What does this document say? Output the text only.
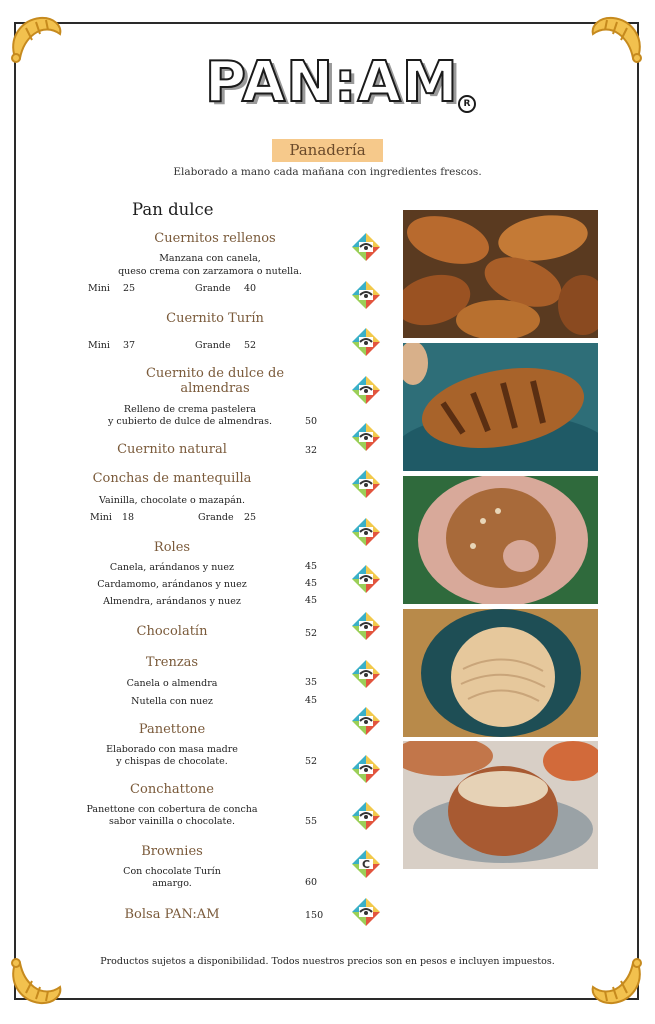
PAN:AM R
Panadería
Elaborado a mano cada mañana con ingredientes frescos.
Pan dulce
Cuernitos rellenos
Manzana con canela,
queso crema con zarzamora o nutella.
Mini 25	Grande 40
Cuernito Turín
Mini 37	Grande 52
Cuernito de dulce de
almendras
Relleno de crema pastelera
y cubierto de dulce de almendras.	50
Cuernito natural	32
Conchas de mantequilla
Vainilla, chocolate o mazapán.
Mini 18	Grande 25
Roles
Canela, arándanos y nuez	45
Cardamomo, arándanos y nuez	45
Almendra, arándanos y nuez	45
Chocolatín	52
Trenzas
Canela o almendra	35
Nutella con nuez	45
Panettone
Elaborado con masa madre
y chispas de chocolate.	52
Conchattone
Panettone con cobertura de concha
sabor vainilla o chocolate.	55
Brownies
Con chocolate Turín
amargo.	60
Bolsa PAN:AM	150
C
Productos sujetos a disponibilidad. Todos nuestros precios son en pesos e incluyen impuestos.
